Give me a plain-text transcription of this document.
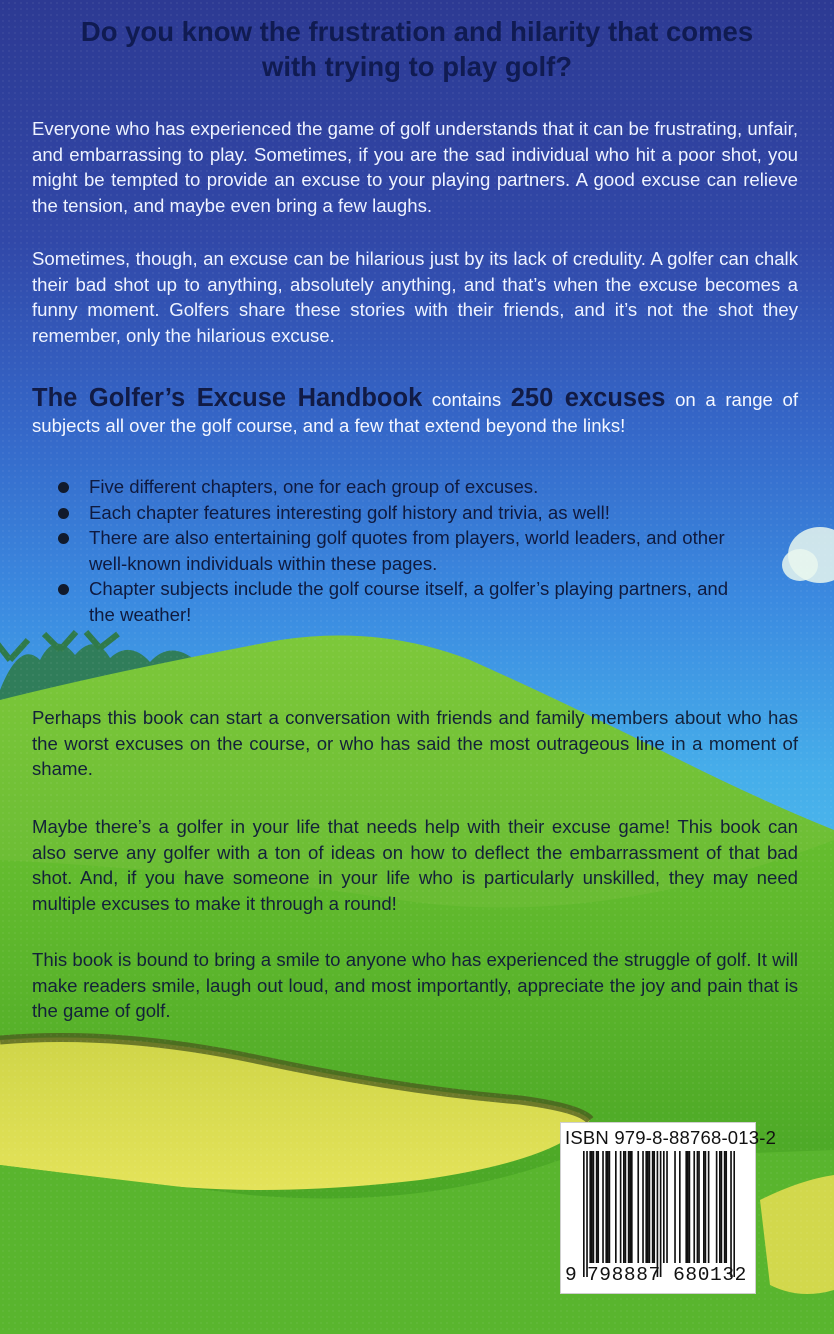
Do you know the frustration and hilarity that comes
with trying to play golf?

Everyone who has experienced the game of golf understands that it can be frustrating, unfair, and embarrassing to play. Sometimes, if you are the sad individual who hit a poor shot, you might be tempted to provide an excuse to your playing partners. A good excuse can relieve the tension, and maybe even bring a few laughs.

Sometimes, though, an excuse can be hilarious just by its lack of credulity. A golfer can chalk their bad shot up to anything, absolutely anything, and that’s when the excuse becomes a funny moment. Golfers share these stories with their friends, and it’s not the shot they remember, only the hilarious excuse.

The Golfer’s Excuse Handbook contains 250 excuses on a range of subjects all over the golf course, and a few that extend beyond the links!

Five different chapters, one for each group of excuses.
Each chapter features interesting golf history and trivia, as well!
There are also entertaining golf quotes from players, world leaders, and other well-known individuals within these pages.
Chapter subjects include the golf course itself, a golfer’s playing partners, and the weather!

Perhaps this book can start a conversation with friends and family members about who has the worst excuses on the course, or who has said the most outrageous line in a moment of shame.

Maybe there’s a golfer in your life that needs help with their excuse game! This book can also serve any golfer with a ton of ideas on how to deflect the embarrassment of that bad shot. And, if you have someone in your life who is particularly unskilled, they may need multiple excuses to make it through a round!

This book is bound to bring a smile to anyone who has experienced the struggle of golf. It will make readers smile, laugh out loud, and most importantly, appreciate the joy and pain that is the game of golf.

ISBN 979-8-88768-013-2
9 798887 680132
